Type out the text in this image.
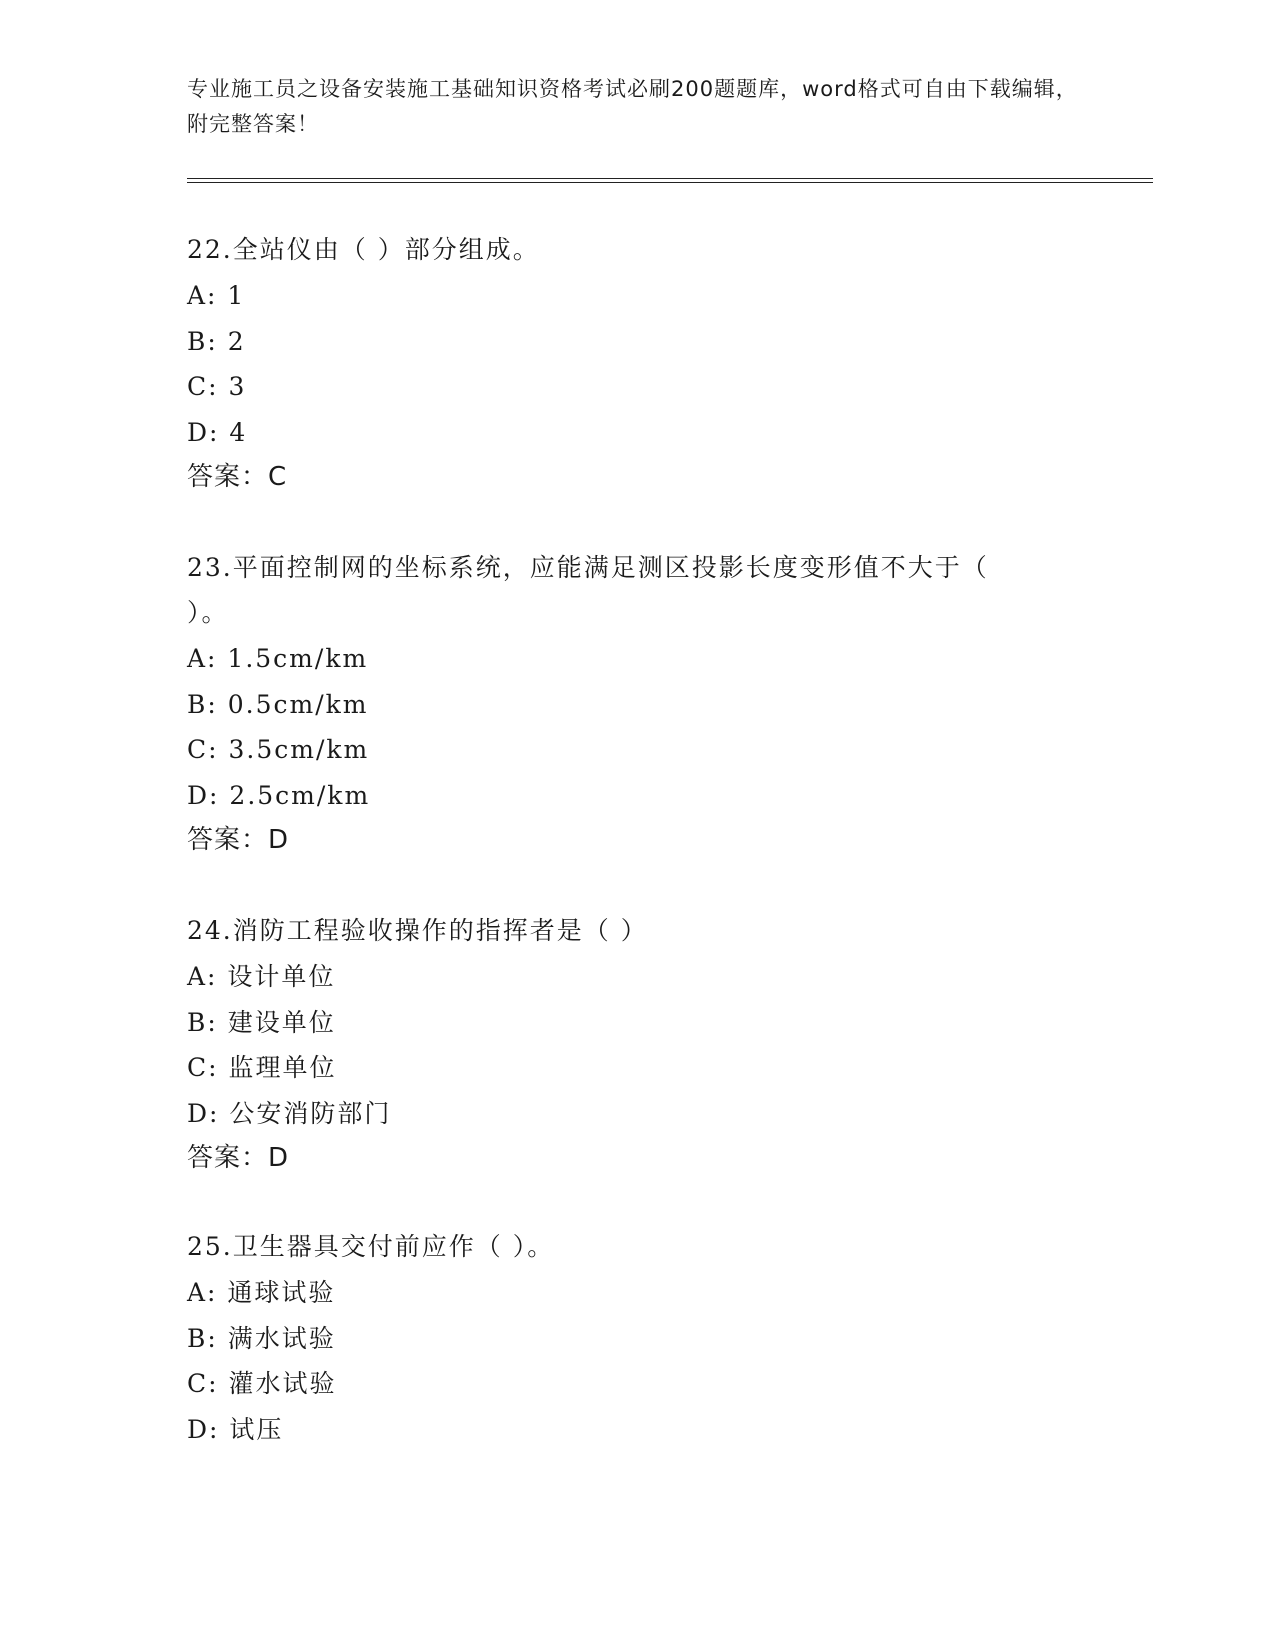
专业施工员之设备安装施工基础知识资格考试必刷200题题库，word格式可自由下载编辑，附完整答案！
22.全站仪由（ ）部分组成。
A: 1
B: 2
C: 3
D: 4
答案：C
23.平面控制网的坐标系统，应能满足测区投影长度变形值不大于（ ）。
A: 1.5cm/km
B: 0.5cm/km
C: 3.5cm/km
D: 2.5cm/km
答案：D
24.消防工程验收操作的指挥者是（ ）
A: 设计单位
B: 建设单位
C: 监理单位
D: 公安消防部门
答案：D
25.卫生器具交付前应作（ ）。
A: 通球试验
B: 满水试验
C: 灌水试验
D: 试压
